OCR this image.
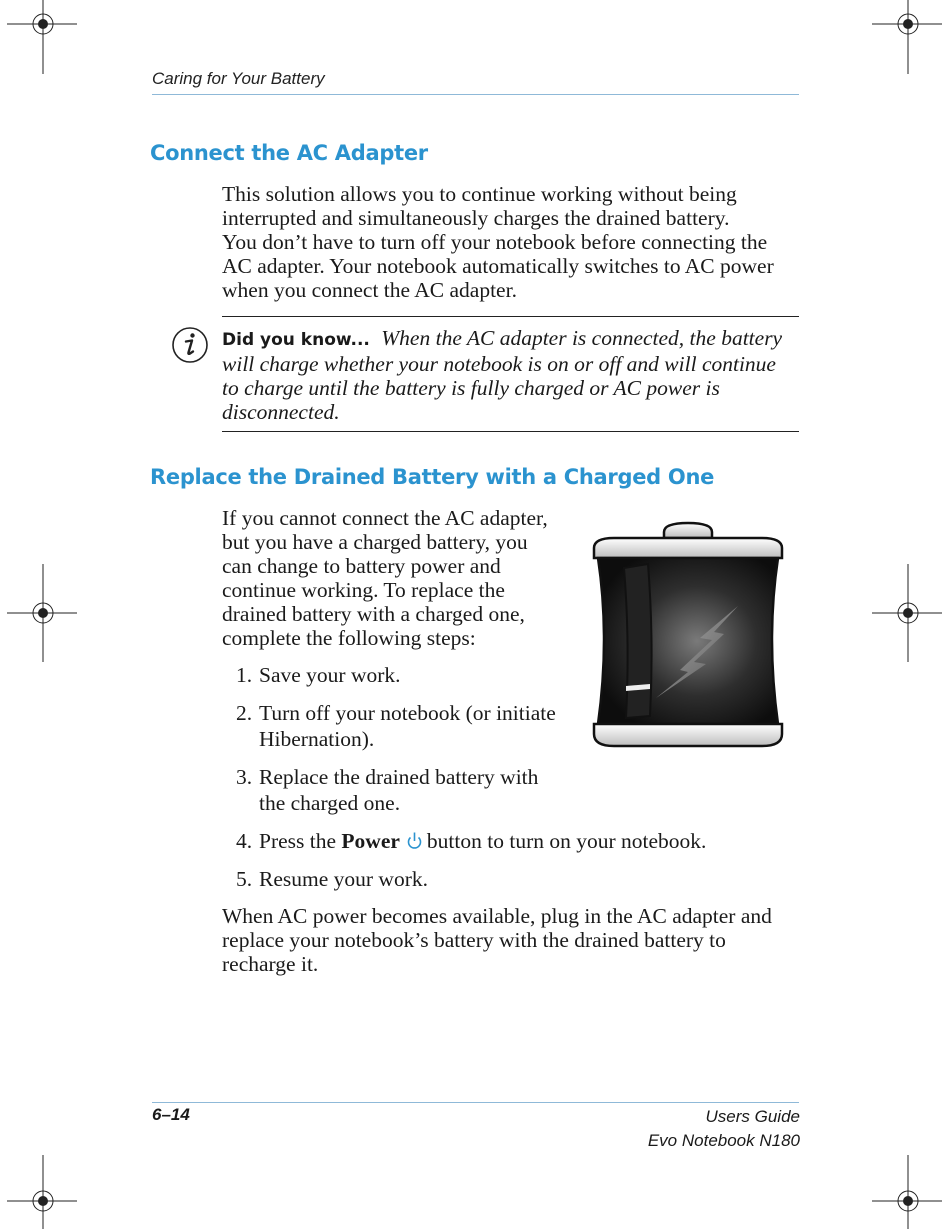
Caring for Your Battery
Connect the AC Adapter
This solution allows you to continue working without being
interrupted and simultaneously charges the drained battery.
You don’t have to turn off your notebook before connecting the
AC adapter. Your notebook automatically switches to AC power
when you connect the AC adapter.
Did you know... When the AC adapter is connected, the battery
will charge whether your notebook is on or off and will continue
to charge until the battery is fully charged or AC power is
disconnected.
Replace the Drained Battery with a Charged One
If you cannot connect the AC adapter,
but you have a charged battery, you
can change to battery power and
continue working. To replace the
drained battery with a charged one,
complete the following steps:
1. Save your work.
2. Turn off your notebook (or initiate
Hibernation).
3. Replace the drained battery with
the charged one.
4. Press the Power button to turn on your notebook.
5. Resume your work.
When AC power becomes available, plug in the AC adapter and
replace your notebook’s battery with the drained battery to
recharge it.
6–14	Users Guide
Evo Notebook N180
